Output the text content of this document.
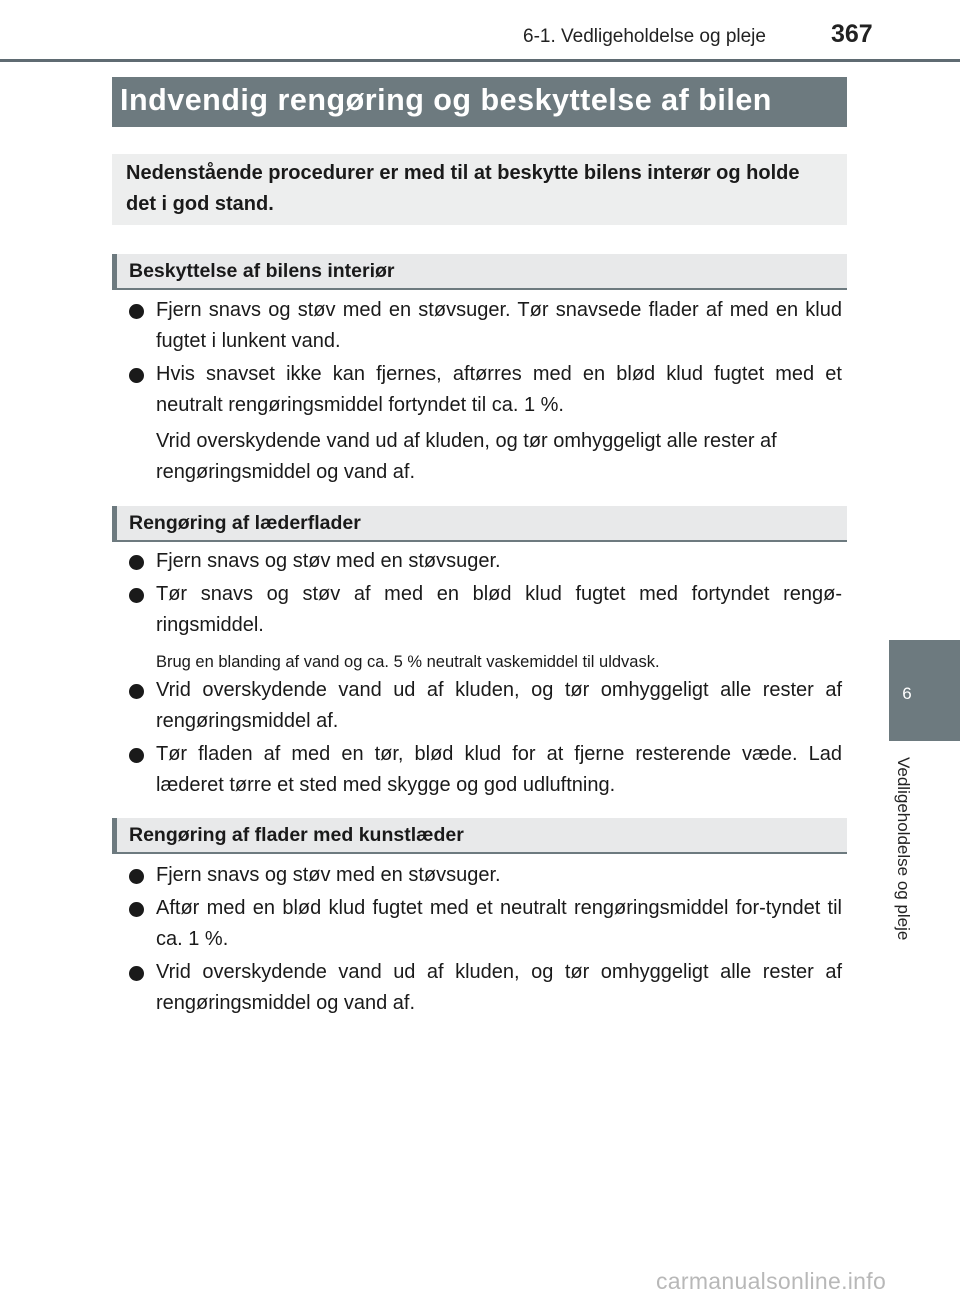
6-1. Vedligeholdelse og pleje	367
Indvendig rengøring og beskyttelse af bilen
Nedenstående procedurer er med til at beskytte bilens interør og holde det i god stand.
Beskyttelse af bilens interiør
Fjern snavs og støv med en støvsuger. Tør snavsede flader af med en klud fugtet i lunkent vand.
Hvis snavset ikke kan fjernes, aftørres med en blød klud fugtet med et neutralt rengøringsmiddel fortyndet til ca. 1 %.

Vrid overskydende vand ud af kluden, og tør omhyggeligt alle rester af rengøringsmiddel og vand af.

Rengøring af læderflader
Fjern snavs og støv med en støvsuger.
Tør snavs og støv af med en blød klud fugtet med fortyndet rengø-ringsmiddel.

Brug en blanding af vand og ca. 5 % neutralt vaskemiddel til uldvask.

Vrid overskydende vand ud af kluden, og tør omhyggeligt alle rester af rengøringsmiddel af.
Tør fladen af med en tør, blød klud for at fjerne resterende væde. Lad læderet tørre et sted med skygge og god udluftning.
Rengøring af flader med kunstlæder
Fjern snavs og støv med en støvsuger.
Aftør med en blød klud fugtet med et neutralt rengøringsmiddel for-tyndet til ca. 1 %.
Vrid overskydende vand ud af kluden, og tør omhyggeligt alle rester af rengøringsmiddel og vand af.
6
Vedligeholdelse og pleje
carmanualsonline.info
